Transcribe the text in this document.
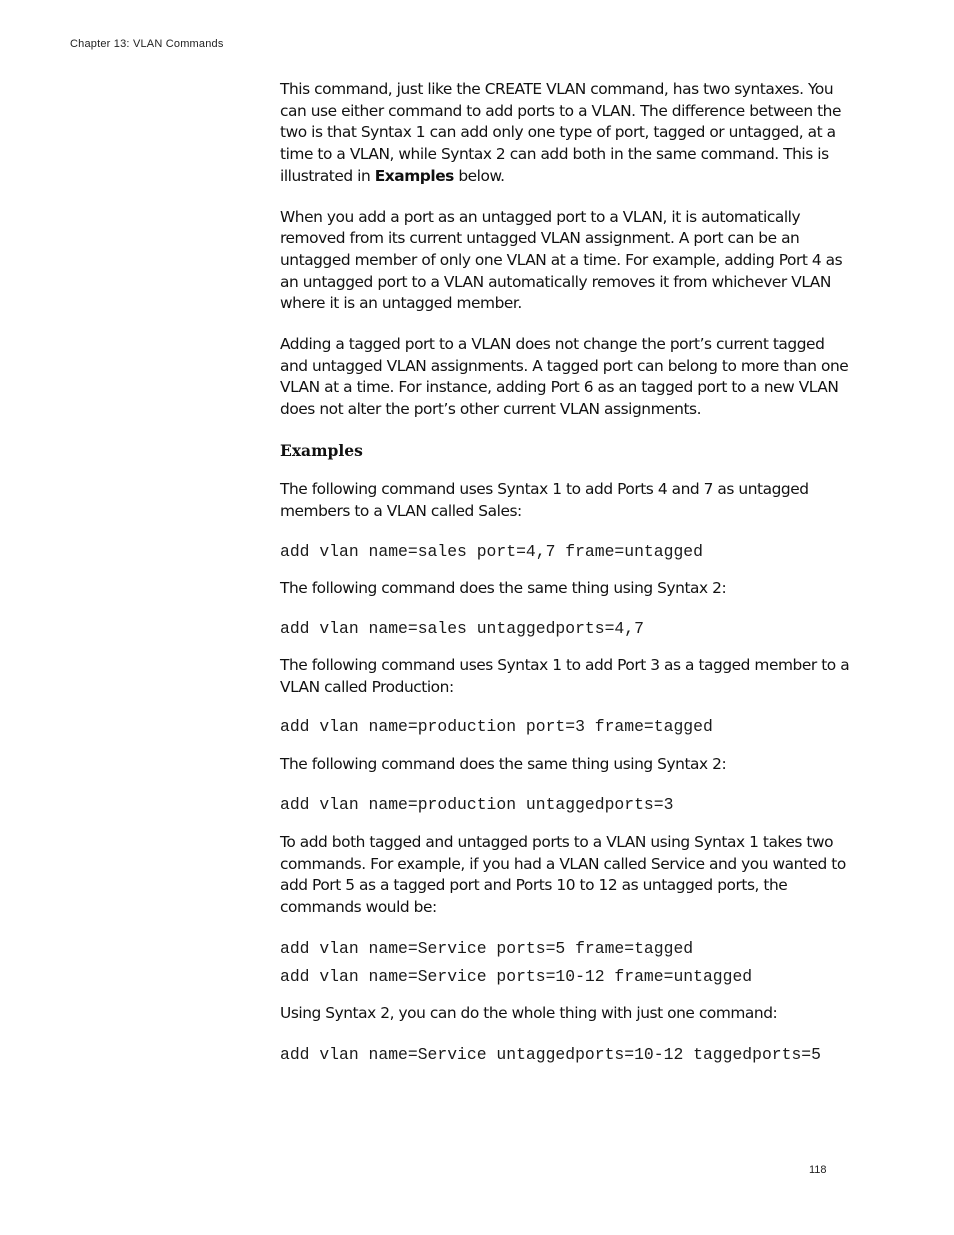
Chapter 13: VLAN Commands

This command, just like the CREATE VLAN command, has two syntaxes. You can use either command to add ports to a VLAN. The difference between the two is that Syntax 1 can add only one type of port, tagged or untagged, at a time to a VLAN, while Syntax 2 can add both in the same command. This is illustrated in Examples below.

When you add a port as an untagged port to a VLAN, it is automatically removed from its current untagged VLAN assignment. A port can be an untagged member of only one VLAN at a time. For example, adding Port 4 as an untagged port to a VLAN automatically removes it from whichever VLAN where it is an untagged member.

Adding a tagged port to a VLAN does not change the port’s current tagged and untagged VLAN assignments. A tagged port can belong to more than one VLAN at a time. For instance, adding Port 6 as an tagged port to a new VLAN does not alter the port’s other current VLAN assignments.

Examples

The following command uses Syntax 1 to add Ports 4 and 7 as untagged members to a VLAN called Sales:

add vlan name=sales port=4,7 frame=untagged

The following command does the same thing using Syntax 2:

add vlan name=sales untaggedports=4,7

The following command uses Syntax 1 to add Port 3 as a tagged member to a VLAN called Production:

add vlan name=production port=3 frame=tagged

The following command does the same thing using Syntax 2:

add vlan name=production untaggedports=3

To add both tagged and untagged ports to a VLAN using Syntax 1 takes two commands. For example, if you had a VLAN called Service and you wanted to add Port 5 as a tagged port and Ports 10 to 12 as untagged ports, the commands would be:

add vlan name=Service ports=5 frame=tagged
add vlan name=Service ports=10-12 frame=untagged

Using Syntax 2, you can do the whole thing with just one command:

add vlan name=Service untaggedports=10-12 taggedports=5
118
